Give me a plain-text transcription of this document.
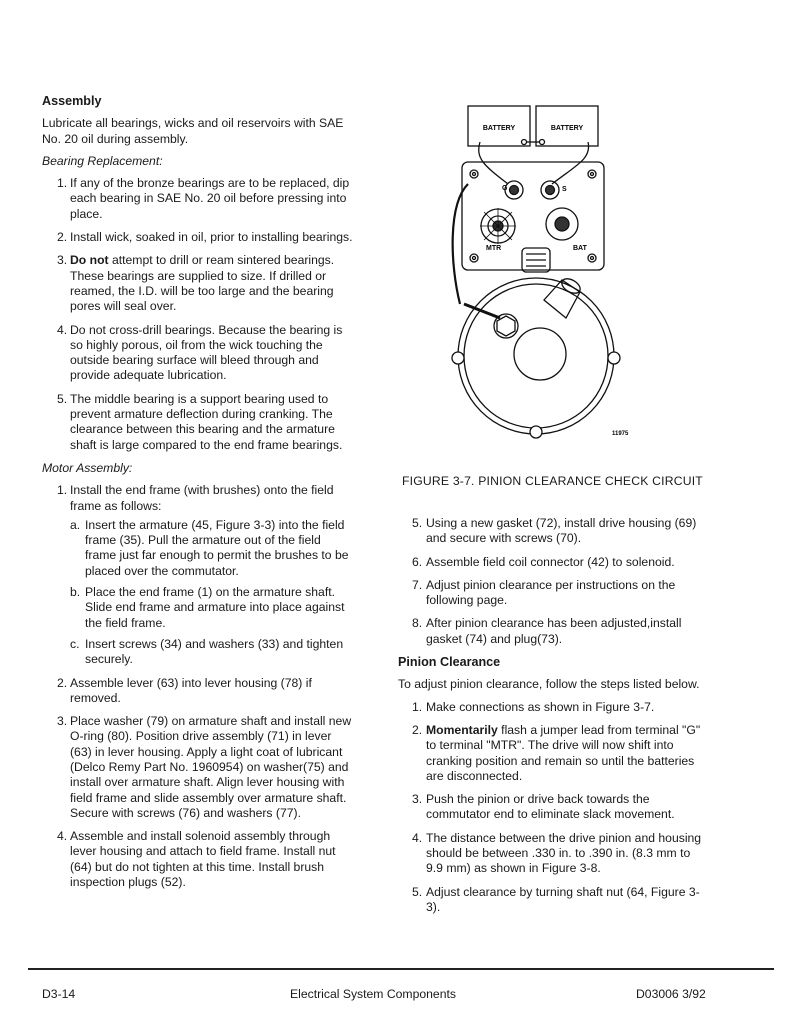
Assembly

Lubricate all bearings, wicks and oil reservoirs with SAE No. 20 oil during assembly.

Bearing Replacement:

1. If any of the bronze bearings are to be replaced, dip each bearing in SAE No. 20 oil before pressing into place.
2. Install wick, soaked in oil, prior to installing bearings.
3. Do not attempt to drill or ream sintered bearings. These bearings are supplied to size. If drilled or reamed, the I.D. will be too large and the bearing pores will seal over.
4. Do not cross-drill bearings. Because the bearing is so highly porous, oil from the wick touching the outside bearing surface will bleed through and provide adequate lubrication.
5. The middle bearing is a support bearing used to prevent armature deflection during cranking. The clearance between this bearing and the armature shaft is large compared to the end frame bearings.

Motor Assembly:

1. Install the end frame (with brushes) onto the field frame as follows:
a. Insert the armature (45, Figure 3-3) into the field frame (35). Pull the armature out of the field frame just far enough to permit the brushes to be placed over the commutator.
b. Place the end frame (1) on the armature shaft. Slide end frame and armature into place against the field frame.
c. Insert screws (34) and washers (33) and tighten securely.
2. Assemble lever (63) into lever housing (78) if removed.
3. Place washer (79) on armature shaft and install new O-ring (80). Position drive assembly (71) in lever (63) in lever housing. Apply a light coat of lubricant (Delco Remy Part No. 1960954) on washer(75) and install over armature shaft. Align lever housing with field frame and slide assembly over armature shaft. Secure with screws (76) and washers (77).
4. Assemble and install solenoid assembly through lever housing and attach to field frame. Install nut (64) but do not tighten at this time. Install brush inspection plugs (52).
BATTERY	BATTERY
G	S
MTR	BAT
11975
FIGURE 3-7. PINION CLEARANCE CHECK CIRCUIT
5. Using a new gasket (72), install drive housing (69) and secure with screws (70).
6. Assemble field coil connector (42) to solenoid.
7. Adjust pinion clearance per instructions on the following page.
8. After pinion clearance has been adjusted,install gasket (74) and plug(73).
Pinion Clearance

To adjust pinion clearance, follow the steps listed below.

1. Make connections as shown in Figure 3-7.
2. Momentarily flash a jumper lead from terminal "G" to terminal "MTR". The drive will now shift into cranking position and remain so until the batteries are disconnected.
3. Push the pinion or drive back towards the commutator end to eliminate slack movement.
4. The distance between the drive pinion and housing should be between .330 in. to .390 in. (8.3 mm to 9.9 mm) as shown in Figure 3-8.
5. Adjust clearance by turning shaft nut (64, Figure 3-3).
D3-14	Electrical System Components	D03006 3/92
